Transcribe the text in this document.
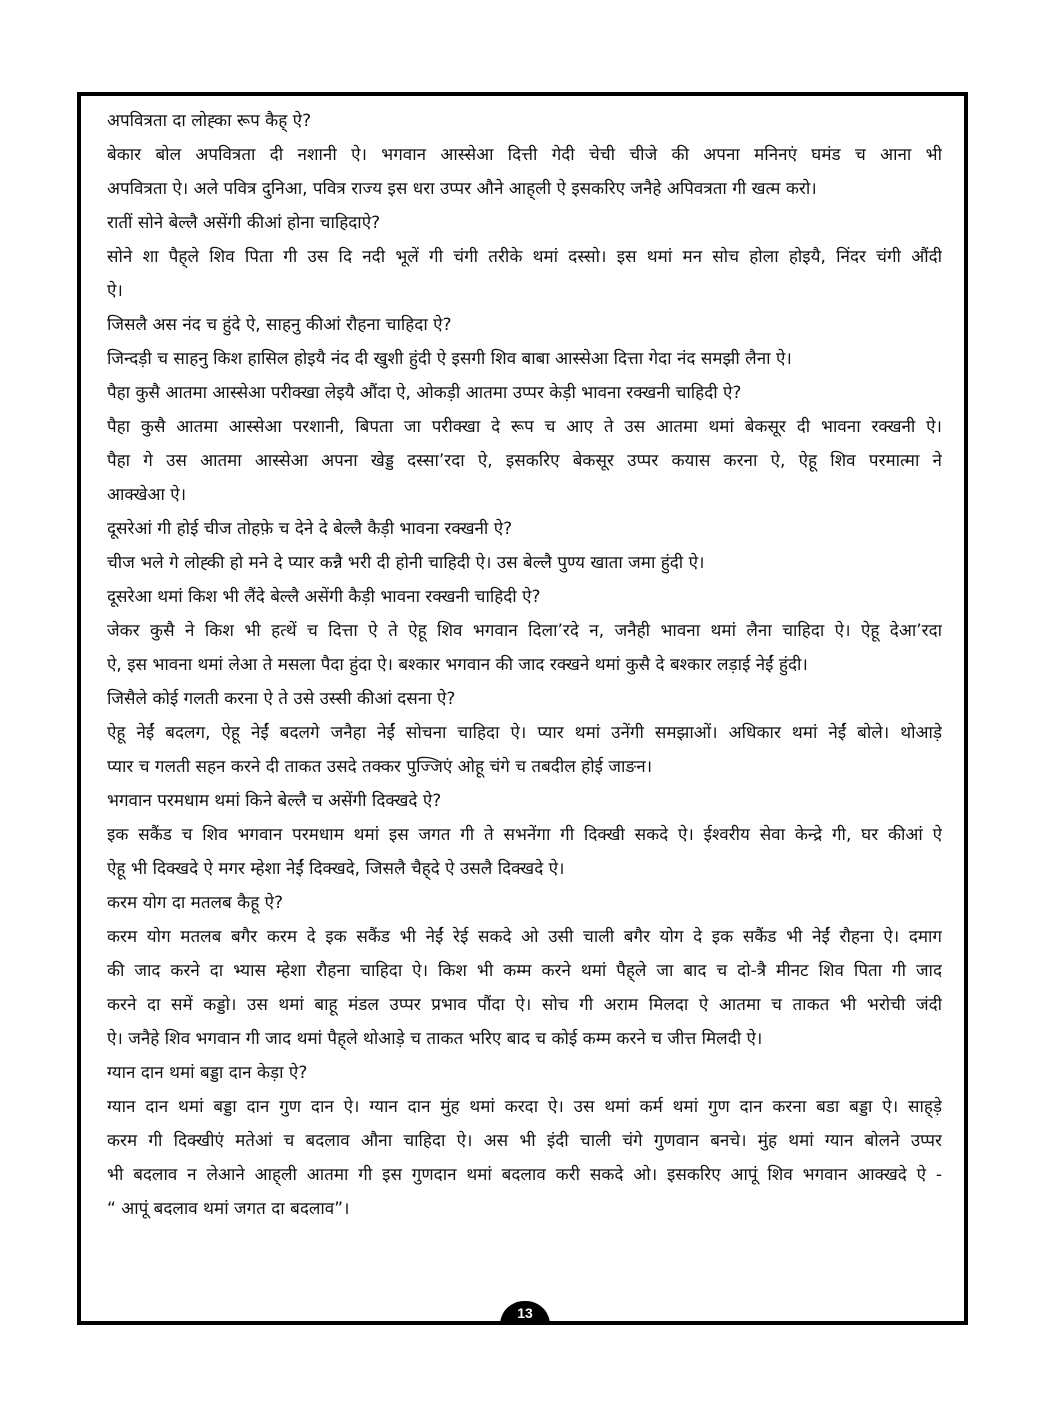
अपवित्रता दा लोह्का रूप कैह् ऐ?
बेकार बोल अपवित्रता दी नशानी ऐ। भगवान आस्सेआ दित्ती गेदी चेची चीजे की अपना मनिनएं घमंड च आना भी
अपवित्रता ऐ। अले पवित्र दुनिआ, पवित्र राज्य इस धरा उप्पर औने आह्‌ली ऐ इसकरिए जनैहे अपिवत्रता गी खत्म करो।
रातीं सोने बेल्लै असेंगी कीआं होना चाहिदाऐ?
सोने शा पैह्‌ले शिव पिता गी उस दि नदी भूलें गी चंगी तरीके थमां दस्सो। इस थमां मन सोच होला होइयै, निंदर चंगी औंदी
ऐ।
जिसलै अस नंद च हुंदे ऐ, साहनु कीआं रौहना चाहिदा ऐ?
जिन्दड़ी च साहनु किश हासिल होइयै नंद दी खुशी हुंदी ऐ इसगी शिव बाबा आस्सेआ दित्ता गेदा नंद समझी लैना ऐ।
पैहा कुसै आतमा आस्सेआ परीक्खा लेइयै औंदा ऐ, ओकड़ी आतमा उप्पर केड़ी भावना रक्खनी चाहिदी ऐ?
पैहा कुसै आतमा आस्सेआ परशानी, बिपता जा परीक्खा दे रूप च आए ते उस आतमा थमां बेकसूर दी भावना रक्खनी ऐ।
पैहा गे उस आतमा आस्सेआ अपना खेड्ड दस्सा’रदा ऐ, इसकरिए बेकसूर उप्पर कयास करना ऐ, ऐहू शिव परमात्मा ने
आक्खेआ ऐ।
दूसरेआं गी होई चीज तोहफ़े च देने दे बेल्लै कैड़ी भावना रक्खनी ऐ?
चीज भले गे लोह्की हो मने दे प्यार कन्नै भरी दी होनी चाहिदी ऐ। उस बेल्लै पुण्य खाता जमा हुंदी ऐ।
दूसरेआ थमां किश भी लैंदे बेल्लै असेंगी कैड़ी भावना रक्खनी चाहिदी ऐ?
जेकर कुसै ने किश भी हत्थें च दित्ता ऐ ते ऐहू शिव भगवान दिला’रदे न, जनैही भावना थमां लैना चाहिदा ऐ। ऐहू देआ’रदा
ऐ, इस भावना थमां लेआ ते मसला पैदा हुंदा ऐ। बश्कार भगवान की जाद रक्खने थमां कुसै दे बश्कार लड़ाई नेईं हुंदी।
जिसैले कोई गलती करना ऐ ते उसे उस्सी कीआं दसना ऐ?
ऐहू नेईं बदलग, ऐहू नेईं बदलगे जनैहा नेईं सोचना चाहिदा ऐ। प्यार थमां उनेंगी समझाओं। अधिकार थमां नेईं बोले। थोआड़े
प्यार च गलती सहन करने दी ताकत उसदे तक्कर पुज्जिएं ओहू चंगे च तबदील होई जाङन।
भगवान परमधाम थमां किने बेल्लै च असेंगी दिक्खदे ऐ?
इक सकैंड च शिव भगवान परमधाम थमां इस जगत गी ते सभनेंगा गी दिक्खी सकदे ऐ। ईश्वरीय सेवा केन्द्रे गी, घर कीआं ऐ
ऐहू भी दिक्खदे ऐ मगर म्हेशा नेईं दिक्खदे, जिसलै चैह्‌दे ऐ उसलै दिक्खदे ऐ।
करम योग दा मतलब कैहू ऐ?
करम योग मतलब बगैर करम दे इक सकैंड भी नेईं रेई सकदे ओ उसी चाली बगैर योग दे इक सकैंड भी नेईं रौहना ऐ। दमाग
की जाद करने दा भ्यास म्हेशा रौहना चाहिदा ऐ। किश भी कम्म करने थमां पैह्‌ले जा बाद च दो-त्रै मीनट शिव पिता गी जाद
करने दा समें कड्डो। उस थमां बाहू मंडल उप्पर प्रभाव पौंदा ऐ। सोच गी अराम मिलदा ऐ आतमा च ताकत भी भरोची जंदी
ऐ। जनैहे शिव भगवान गी जाद थमां पैह्‌ले थोआड़े च ताकत भरिए बाद च कोई कम्म करने च जीत्त मिलदी ऐ।
ग्यान दान थमां बड्डा दान केड़ा ऐ?
ग्यान दान थमां बड्डा दान गुण दान ऐ। ग्यान दान मुंह थमां करदा ऐ। उस थमां कर्म थमां गुण दान करना बडा बड्डा ऐ। साह्‌ड़े
करम गी दिक्खीएं मतेआं च बदलाव औना चाहिदा ऐ। अस भी इंदी चाली चंगे गुणवान बनचे। मुंह थमां ग्यान बोलने उप्पर
भी बदलाव न लेआने आह्‌ली आतमा गी इस गुणदान थमां बदलाव करी सकदे ओ। इसकरिए आपूं शिव भगवान आक्खदे ऐ -
“ आपूं बदलाव थमां जगत दा बदलाव”।
13
